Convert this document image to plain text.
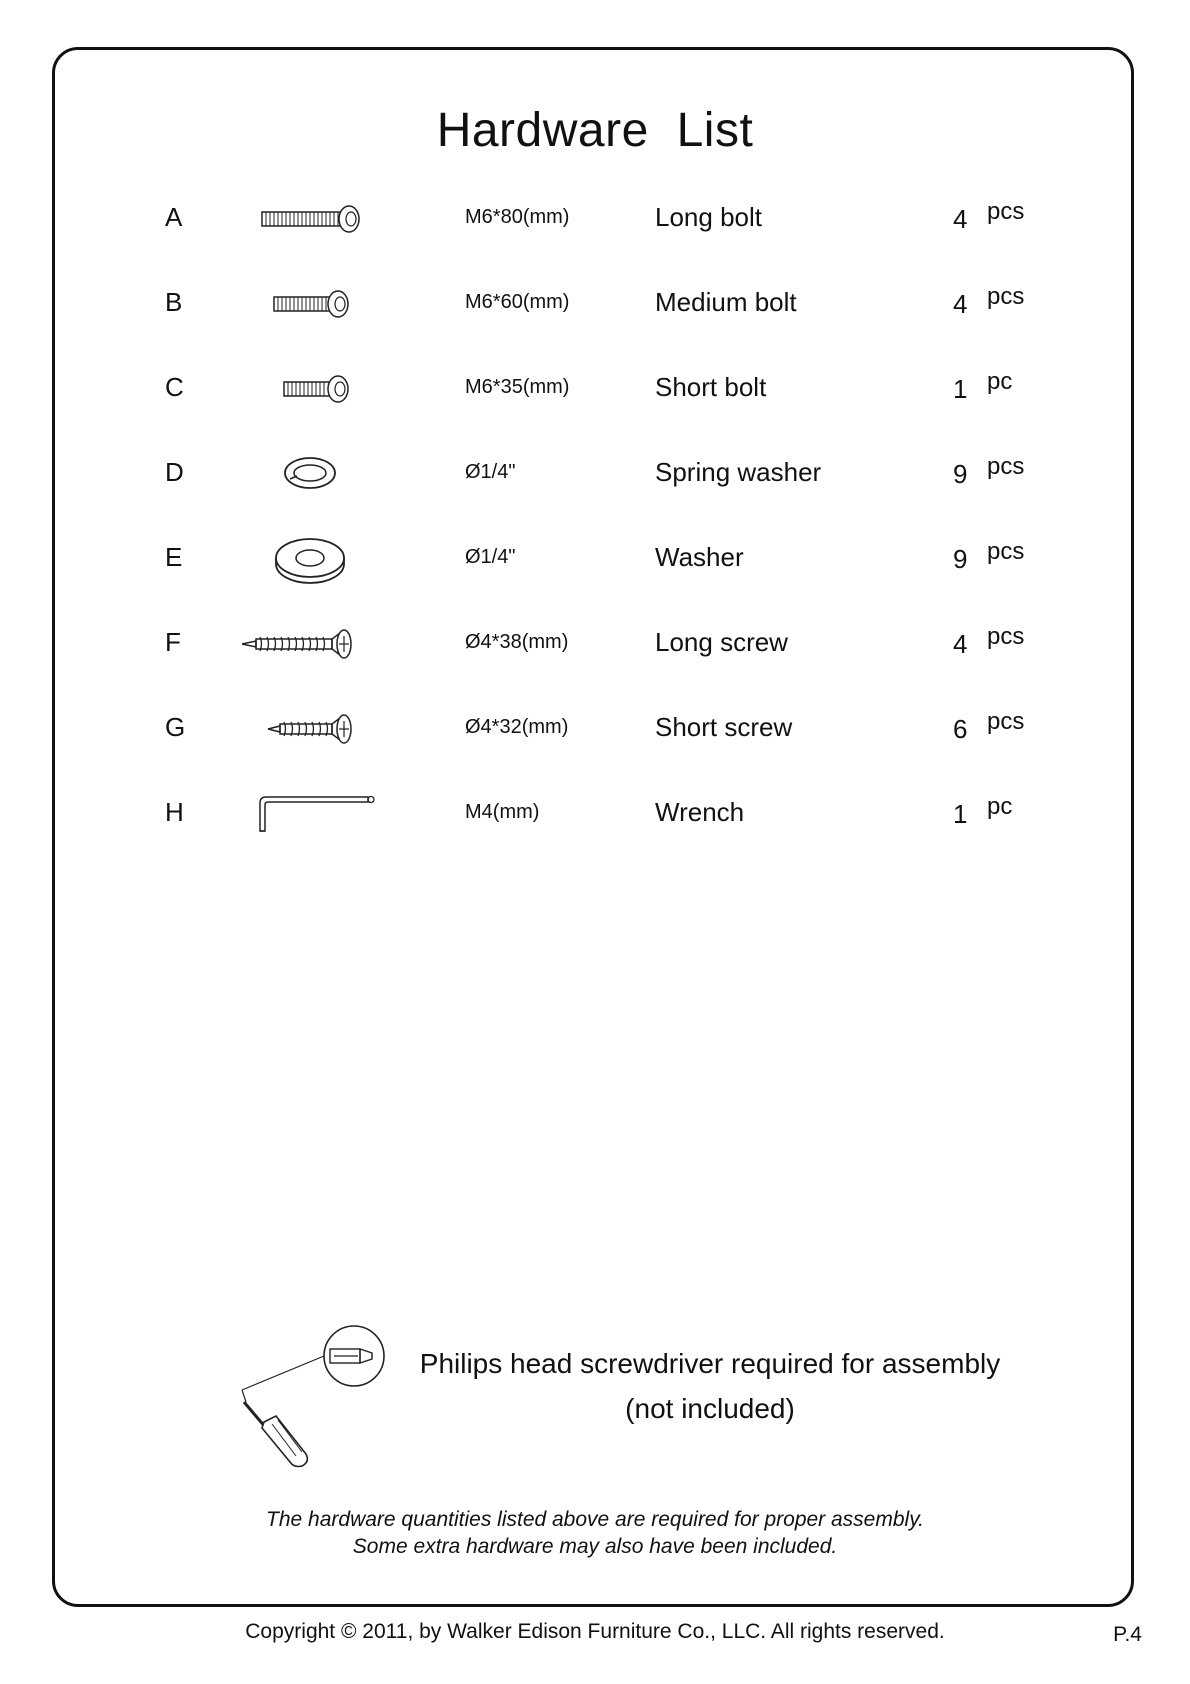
Hardware List
A	M6*80(mm)	Long bolt	4 pcs
B	M6*60(mm)	Medium bolt	4 pcs
C	M6*35(mm)	Short bolt	1 pc
D	Ø1/4"	Spring washer	9 pcs
E	Ø1/4"	Washer	9 pcs
F	Ø4*38(mm)	Long screw	4 pcs
G	Ø4*32(mm)	Short screw	6 pcs
H	M4(mm)	Wrench	1 pc
Philips head screwdriver required for assembly
(not included)
The hardware quantities listed above are required for proper assembly.
Some extra hardware may also have been included.
Copyright © 2011, by Walker Edison Furniture Co., LLC. All rights reserved.	P.4
